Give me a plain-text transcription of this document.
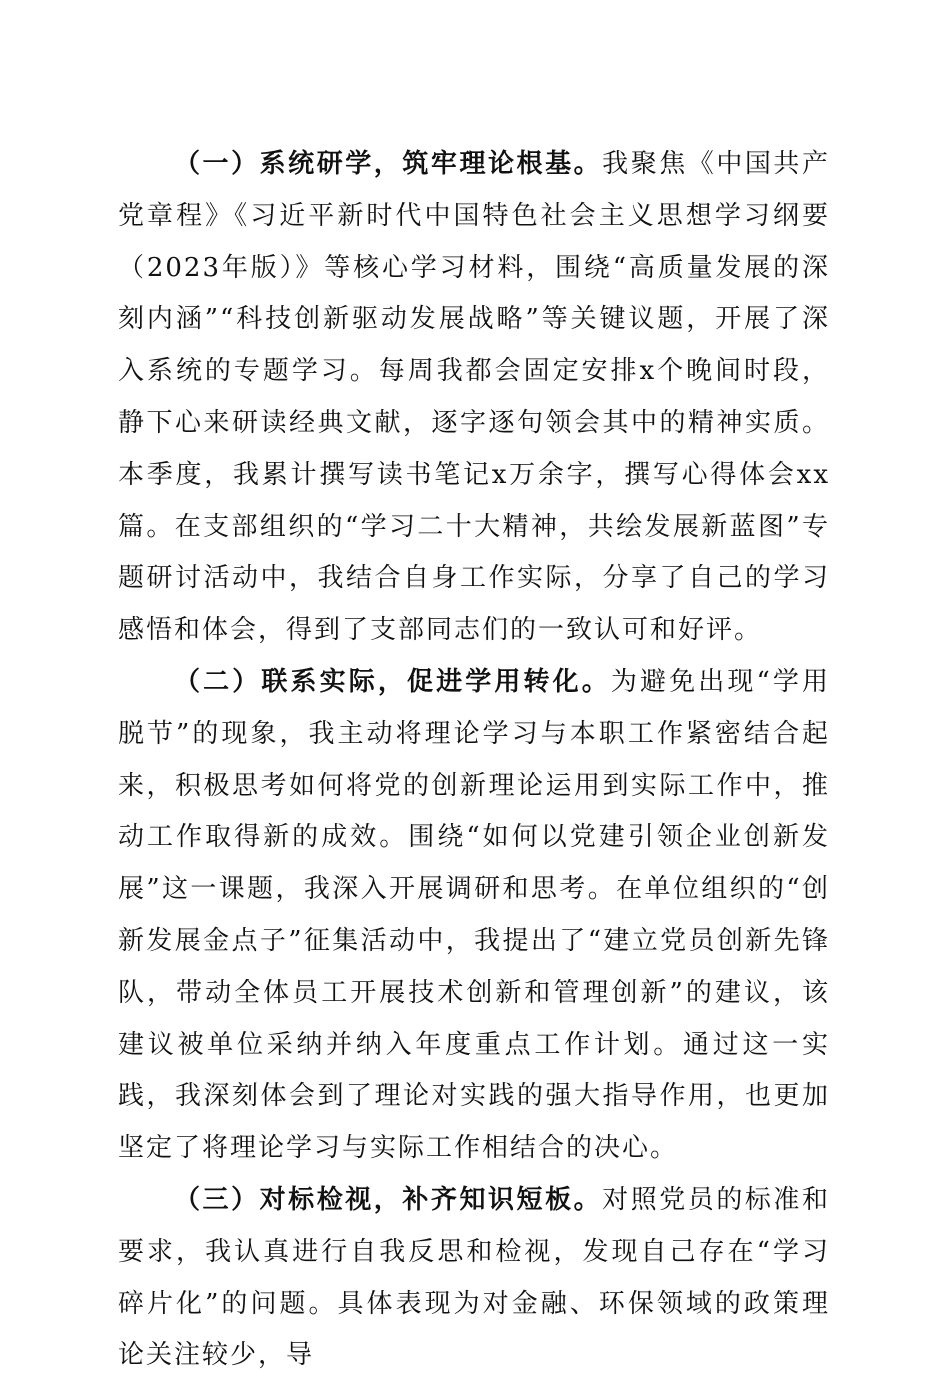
（一）系统研学，筑牢理论根基。我聚焦《中国共产党章程》《习近平新时代中国特色社会主义思想学习纲要（2023年版）》等核心学习材料，围绕“高质量发展的深刻内涵”“科技创新驱动发展战略”等关键议题，开展了深入系统的专题学习。每周我都会固定安排x个晚间时段，静下心来研读经典文献，逐字逐句领会其中的精神实质。本季度，我累计撰写读书笔记x万余字，撰写心得体会xx篇。在支部组织的“学习二十大精神，共绘发展新蓝图”专题研讨活动中，我结合自身工作实际，分享了自己的学习感悟和体会，得到了支部同志们的一致认可和好评。

（二）联系实际，促进学用转化。为避免出现“学用脱节”的现象，我主动将理论学习与本职工作紧密结合起来，积极思考如何将党的创新理论运用到实际工作中，推动工作取得新的成效。围绕“如何以党建引领企业创新发展”这一课题，我深入开展调研和思考。在单位组织的“创新发展金点子”征集活动中，我提出了“建立党员创新先锋队，带动全体员工开展技术创新和管理创新”的建议，该建议被单位采纳并纳入年度重点工作计划。通过这一实践，我深刻体会到了理论对实践的强大指导作用，也更加坚定了将理论学习与实际工作相结合的决心。

（三）对标检视，补齐知识短板。对照党员的标准和要求，我认真进行自我反思和检视，发现自己存在“学习碎片化”的问题。具体表现为对金融、环保领域的政策理论关注较少，导
